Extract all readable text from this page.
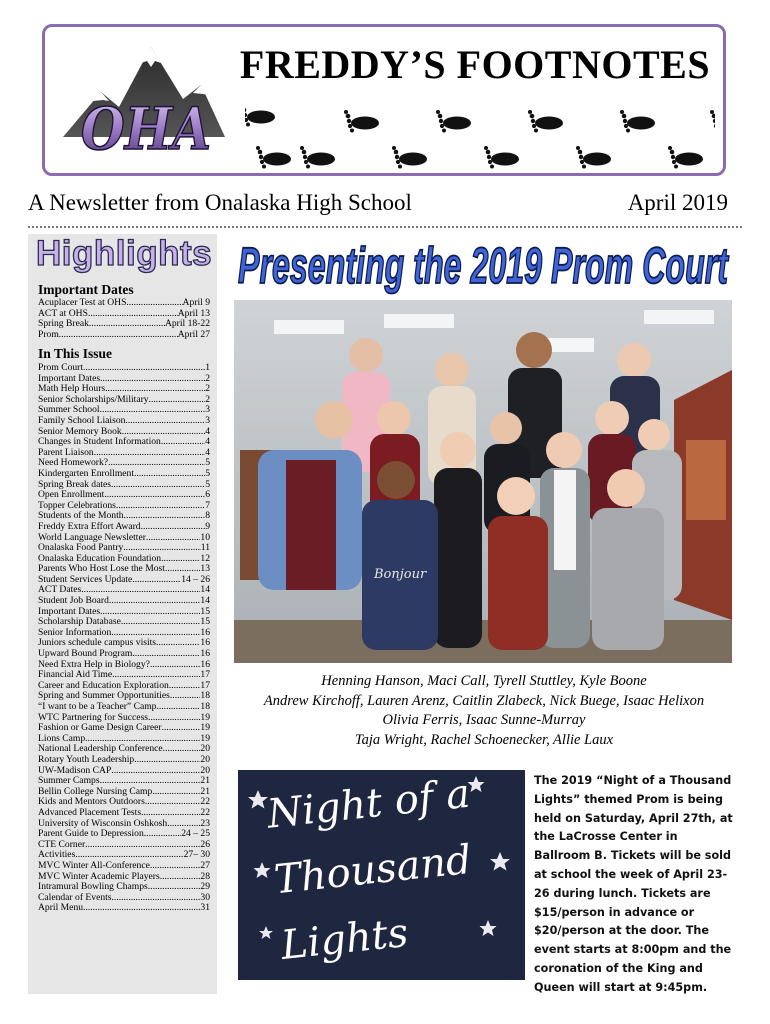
OHA
FREDDY’S FOOTNOTES
A Newsletter from Onalaska High School	April 2019
Highlights
Important Dates
Acuplacer Test at OHS .....	April 9
ACT at OHS .....	April 13
Spring Break .....	April 18-22
Prom .....	April 27
In This Issue
Prom Court .....	1
Important Dates .....	2
Math Help Hours .....	2
Senior Scholarships/Military .....	2
Summer School .....	3
Family School Liaison .....	3
Senior Memory Book .....	4
Changes in Student Information .....	4
Parent Liaison .....	4
Need Homework? .....	5
Kindergarten Enrollment .....	5
Spring Break dates .....	5
Open Enrollment .....	6
Topper Celebrations .....	7
Students of the Month .....	8
Freddy Extra Effort Award .....	9
World Language Newsletter .....	10
Onalaska Food Pantry .....	11
Onalaska Education Foundation .....	12
Parents Who Host Lose the Most .....	13
Student Services Update .....	14 – 26
ACT Dates .....	14
Student Job Board .....	14
Important Dates .....	15
Scholarship Database .....	15
Senior Information .....	16
Juniors schedule campus visits .....	16
Upward Bound Program .....	16
Need Extra Help in Biology? .....	16
Financial Aid Time .....	17
Career and Education Exploration .....	17
Spring and Summer Opportunities .....	18
“I want to be a Teacher” Camp .....	18
WTC Partnering for Success .....	19
Fashion or Game Design Career .....	19
Lions Camp .....	19
National Leadership Conference .....	20
Rotary Youth Leadership .....	20
UW-Madison CAP .....	20
Summer Camps .....	21
Bellin College Nursing Camp .....	21
Kids and Mentors Outdoors .....	22
Advanced Placement Tests .....	22
University of Wisconsin Oshkosh .....	23
Parent Guide to Depression .....	24 – 25
CTE Corner .....	26
Activities .....	27– 30
MVC Winter All-Conference .....	27
MVC Winter Academic Players .....	28
Intramural Bowling Champs .....	29
Calendar of Events .....	30
April Menu .....	31
Presenting the 2019 Prom Court
Bonjour
Henning Hanson, Maci Call, Tyrell Stuttley, Kyle Boone
Andrew Kirchoff, Lauren Arenz, Caitlin Zlabeck, Nick Buege, Isaac Helixon
Olivia Ferris, Isaac Sunne-Murray
Taja Wright, Rachel Schoenecker, Allie Laux
Night of a
Thousand
Lights
The 2019 “Night of a Thousand Lights” themed Prom is being held on Saturday, April 27th, at the LaCrosse Center in Ballroom B. Tickets will be sold at school the week of April 23-26 during lunch. Tickets are $15/person in advance or $20/person at the door. The event starts at 8:00pm and the coronation of the King and Queen will start at 9:45pm.
